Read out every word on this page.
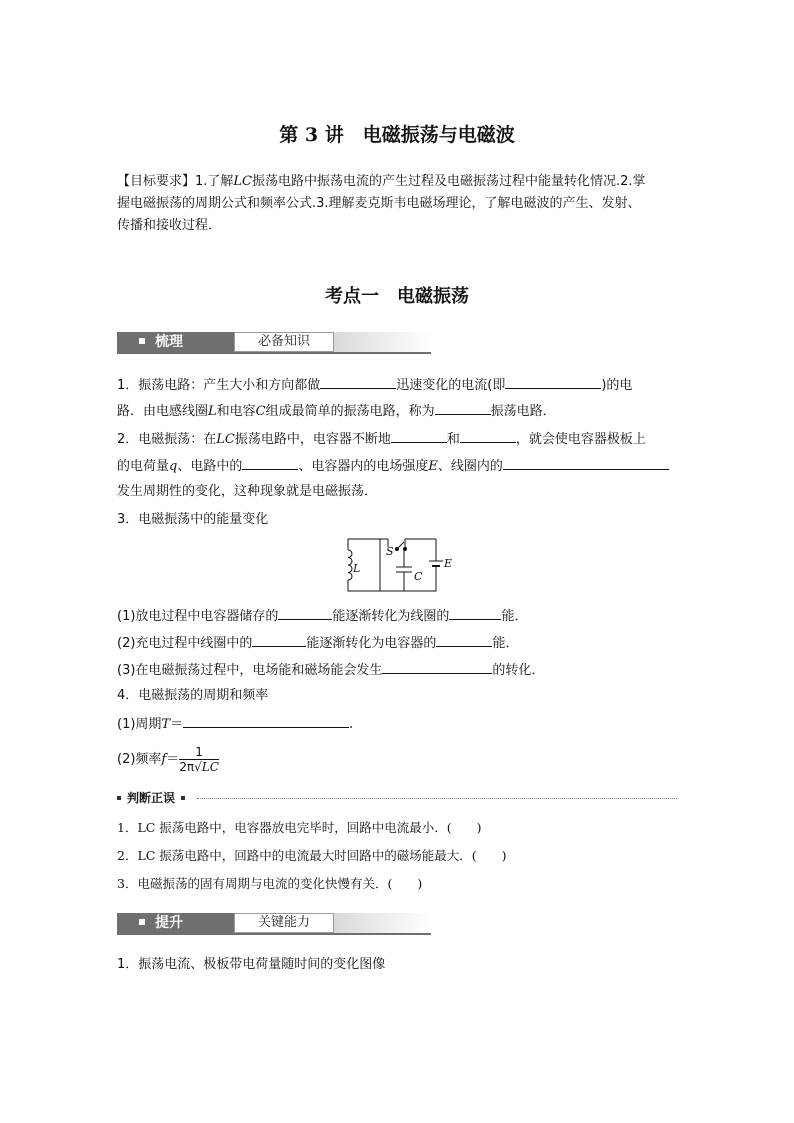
第 3 讲　电磁振荡与电磁波
【目标要求】1.了解LC振荡电路中振荡电流的产生过程及电磁振荡过程中能量转化情况.2.掌
握电磁振荡的周期公式和频率公式.3.理解麦克斯韦电磁场理论，了解电磁波的产生、发射、
传播和接收过程．
考点一　电磁振荡
梳理	必备知识
1．振荡电路：产生大小和方向都做	迅速变化的电流(即	)的电
路．由电感线圈L和电容C组成最简单的振荡电路，称为	振荡电路．
2．电磁振荡：在LC振荡电路中，电容器不断地	和	，就会使电容器极板上
的电荷量q、电路中的	、电容器内的电场强度E、线圈内的
发生周期性的变化，这种现象就是电磁振荡．
3．电磁振荡中的能量变化
L
S
C
E
(1)放电过程中电容器储存的	能逐渐转化为线圈的	能．
(2)充电过程中线圈中的	能逐渐转化为电容器的	能．
(3)在电磁振荡过程中，电场能和磁场能会发生	的转化．
4．电磁振荡的周期和频率
(1)周期T＝	.
(2)频率$f= \frac{1}{2\pi√LC}$
判断正误
1．LC 振荡电路中，电容器放电完毕时，回路中电流最小．(　　)
2．LC 振荡电路中，回路中的电流最大时回路中的磁场能最大．(　　)
3．电磁振荡的固有周期与电流的变化快慢有关．(　　)
提升	关键能力
1．振荡电流、极板带电荷量随时间的变化图像
